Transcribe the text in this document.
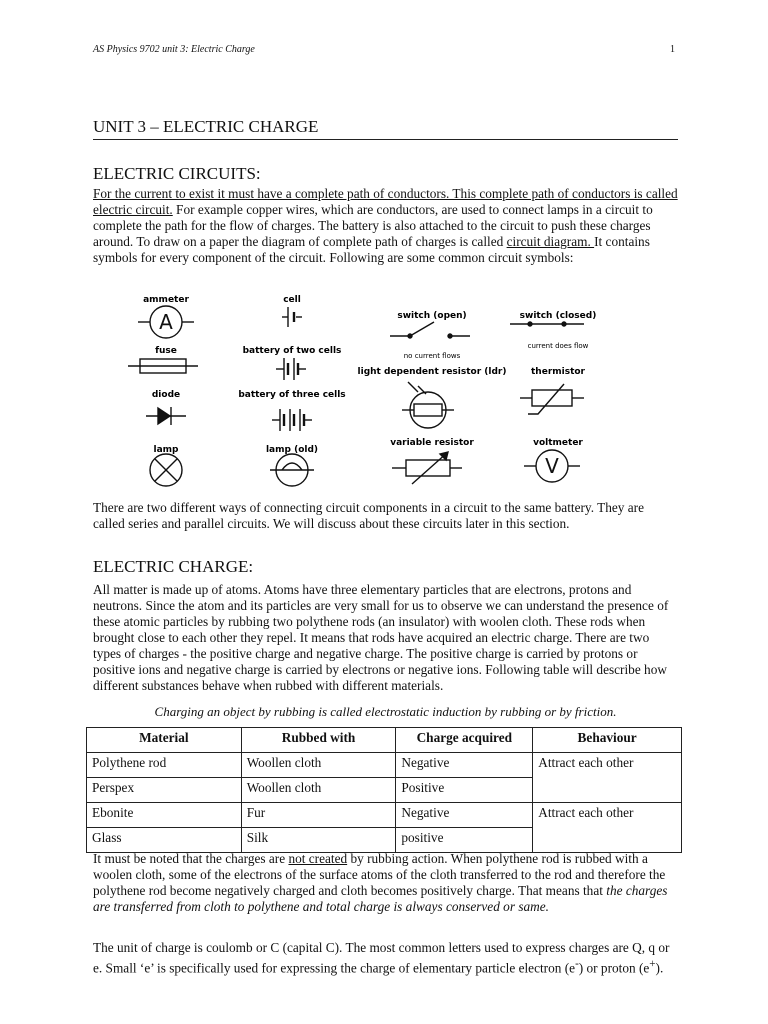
AS Physics 9702 unit 3: Electric Charge	1
UNIT 3 – ELECTRIC CHARGE
ELECTRIC CIRCUITS:
For the current to exist it must have a complete path of conductors. This complete path of conductors is called electric circuit. For example copper wires, which are conductors, are used to connect lamps in a circuit to complete the path for the flow of charges. The battery is also attached to the circuit to push these charges around. To draw on a paper the diagram of complete path of charges is called circuit diagram. It contains symbols for every component of the circuit. Following are some common circuit symbols:
A
V
ammeter	cell
switch (open)	switch (closed)
fuse	battery of two cells	no current flows
current does flow
light dependent resistor (ldr)	thermistor
diode	battery of three cells
variable resistor	voltmeter
lamp	lamp (old)
There are two different ways of connecting circuit components in a circuit to the same battery. They are called series and parallel circuits. We will discuss about these circuits later in this section.
ELECTRIC CHARGE:
All matter is made up of atoms. Atoms have three elementary particles that are electrons, protons and neutrons. Since the atom and its particles are very small for us to observe we can understand the presence of these atomic particles by rubbing two polythene rods (an insulator) with woolen cloth. These rods when brought close to each other they repel. It means that rods have acquired an electric charge. There are two types of charges - the positive charge and negative charge. The positive charge is carried by protons or positive ions and negative charge is carried by electrons or negative ions. Following table will describe how different substances behave when rubbed with different materials.
Charging an object by rubbing is called electrostatic induction by rubbing or by friction.
Material	Rubbed with	Charge acquired	Behaviour
Polythene rod	Woollen cloth	Negative	Attract each other
Perspex	Woollen cloth	Positive	
Ebonite	Fur	Negative	Attract each other
Glass	Silk	positive	
It must be noted that the charges are not created by rubbing action. When polythene rod is rubbed with a woolen cloth, some of the electrons of the surface atoms of the cloth transferred to the rod and therefore the polythene rod become negatively charged and cloth becomes positively charge. That means that the charges are transferred from cloth to polythene and total charge is always conserved or same.
The unit of charge is coulomb or C (capital C). The most common letters used to express charges are Q, q or e. Small ‘e’ is specifically used for expressing the charge of elementary particle electron (e-) or proton (e+).
